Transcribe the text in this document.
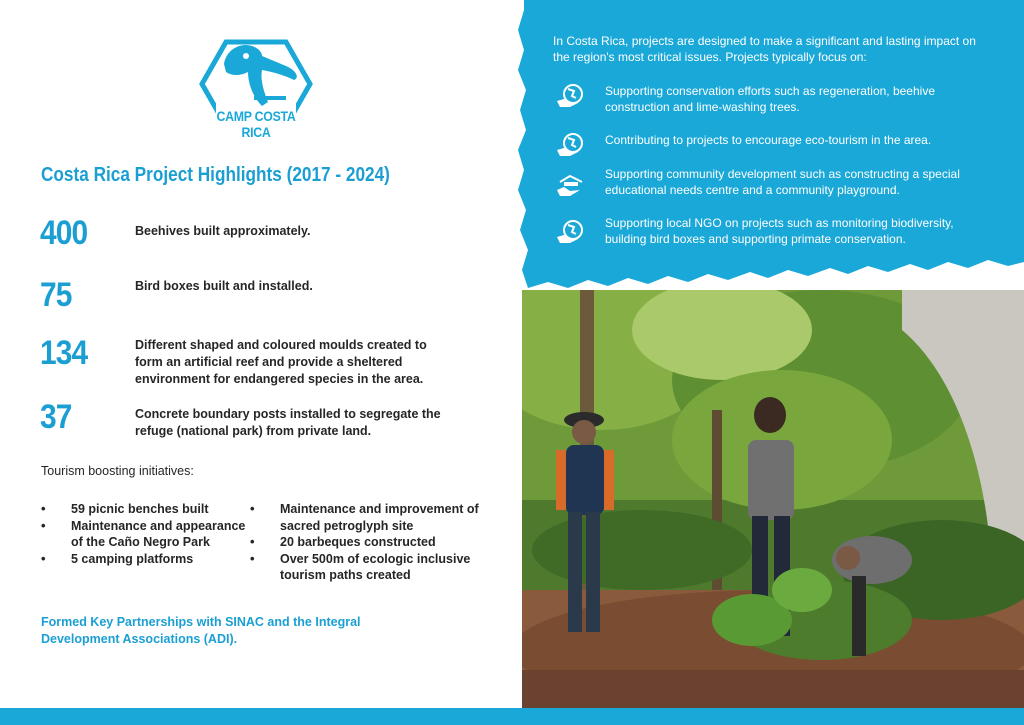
CAMP COSTA RICA
Costa Rica Project Highlights (2017 - 2024)
400	Beehives built approximately.
75	Bird boxes built and installed.
134	Different shaped and coloured moulds created to form an artificial reef and provide a sheltered environment for endangered species in the area.
37	Concrete boundary posts installed to segregate the refuge (national park) from private land.
Tourism boosting initiatives:
• 59 picnic benches built
• Maintenance and appearance of the Caño Negro Park
• 5 camping platforms
• Maintenance and improvement of sacred petroglyph site
• 20 barbeques constructed
• Over 500m of ecologic inclusive tourism paths created
Formed Key Partnerships with SINAC and the Integral Development Associations (ADI).
In Costa Rica, projects are designed to make a significant and lasting impact on the region's most critical issues. Projects typically focus on:
Supporting conservation efforts such as regeneration, beehive construction and lime-washing trees.
Contributing to projects to encourage eco-tourism in the area.
Supporting community development such as constructing a special educational needs centre and a community playground.
Supporting local NGO on projects such as monitoring biodiversity, building bird boxes and supporting primate conservation.
